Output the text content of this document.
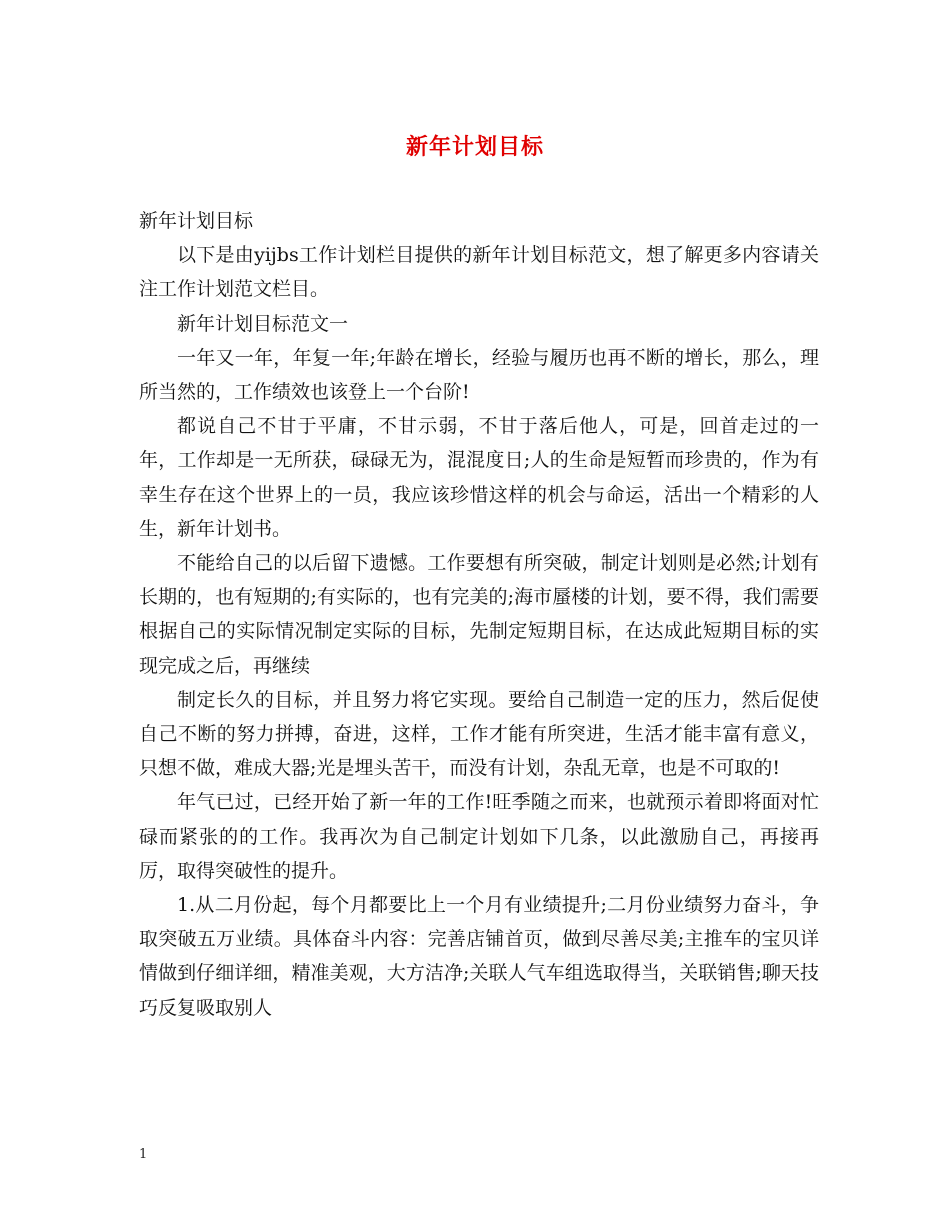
新年计划目标

新年计划目标

以下是由yijbs工作计划栏目提供的新年计划目标范文，想了解更多内容请关注工作计划范文栏目。

新年计划目标范文一

一年又一年，年复一年;年龄在增长，经验与履历也再不断的增长，那么，理所当然的，工作绩效也该登上一个台阶!

都说自己不甘于平庸，不甘示弱，不甘于落后他人，可是，回首走过的一年，工作却是一无所获，碌碌无为，混混度日;人的生命是短暂而珍贵的，作为有幸生存在这个世界上的一员，我应该珍惜这样的机会与命运，活出一个精彩的人生，新年计划书。

不能给自己的以后留下遗憾。工作要想有所突破，制定计划则是必然;计划有长期的，也有短期的;有实际的，也有完美的;海市蜃楼的计划，要不得，我们需要根据自己的实际情况制定实际的目标，先制定短期目标，在达成此短期目标的实现完成之后，再继续

制定长久的目标，并且努力将它实现。要给自己制造一定的压力，然后促使自己不断的努力拼搏，奋进，这样，工作才能有所突进，生活才能丰富有意义，只想不做，难成大器;光是埋头苦干，而没有计划，杂乱无章，也是不可取的!

年气已过，已经开始了新一年的工作!旺季随之而来，也就预示着即将面对忙碌而紧张的的工作。我再次为自己制定计划如下几条，以此激励自己，再接再厉，取得突破性的提升。

1.从二月份起，每个月都要比上一个月有业绩提升;二月份业绩努力奋斗，争取突破五万业绩。具体奋斗内容：完善店铺首页，做到尽善尽美;主推车的宝贝详情做到仔细详细，精准美观，大方洁净;关联人气车组选取得当，关联销售;聊天技巧反复吸取别人

1
